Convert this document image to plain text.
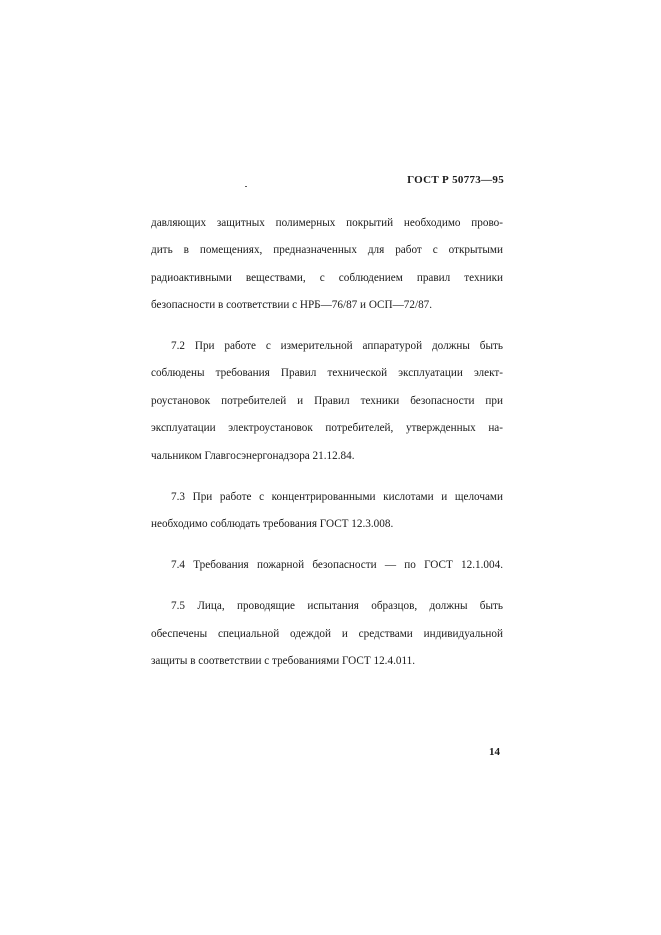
ГОСТ Р 50773—95

давляющих защитных полимерных покрытий необходимо прово-

дить в помещениях, предназначенных для работ с открытыми

радиоактивными веществами, с соблюдением правил техники

безопасности в соответствии с НРБ—76/87 и ОСП—72/87.

7.2 При работе с измерительной аппаратурой должны быть

соблюдены требования Правил технической эксплуатации элект-

роустановок потребителей и Правил техники безопасности при

эксплуатации электроустановок потребителей, утвержденных на-

чальником Главгосэнергонадзора 21.12.84.

7.3 При работе с концентрированными кислотами и щелочами

необходимо соблюдать требования ГОСТ 12.3.008.

7.4 Требования пожарной безопасности — по ГОСТ 12.1.004.

7.5 Лица, проводящие испытания образцов, должны быть

обеспечены специальной одеждой и средствами индивидуальной

защиты в соответствии с требованиями ГОСТ 12.4.011.

14
